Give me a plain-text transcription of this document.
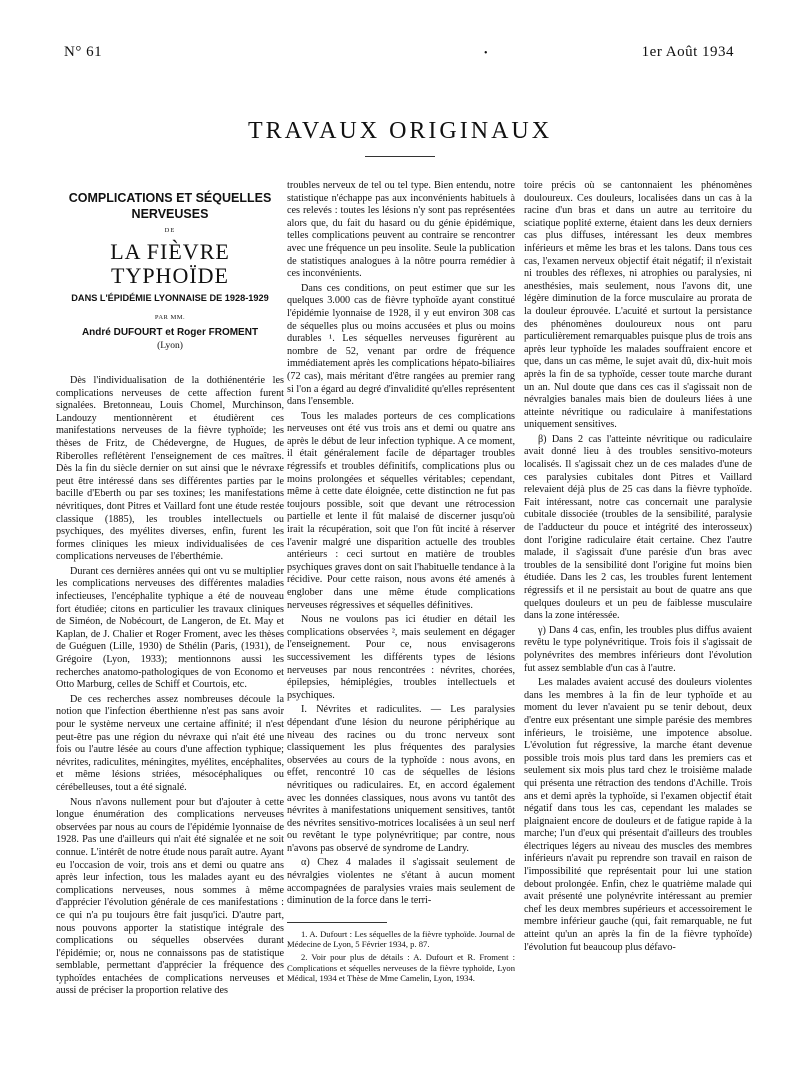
N° 61	•	1er Août 1934
TRAVAUX ORIGINAUX
COMPLICATIONS ET SÉQUELLES NERVEUSES
DE
LA FIÈVRE TYPHOÏDE
DANS L'ÉPIDÉMIE LYONNAISE DE 1928-1929
PAR MM.
André DUFOURT et Roger FROMENT
(Lyon)

Dès l'individualisation de la dothiénentérie les complications nerveuses de cette affection furent signalées. Bretonneau, Louis Chomel, Murchinson, Landouzy mentionnèrent et étudièrent ces manifestations nerveuses de la fièvre typhoïde; les thèses de Fritz, de Chédevergne, de Hugues, de Riberolles reflétèrent l'enseignement de ces maîtres. Dès la fin du siècle dernier on sut ainsi que le névraxe peut être intéressé dans ses différentes parties par le bacille d'Eberth ou par ses toxines; les manifestations névritiques, dont Pitres et Vaillard font une étude restée classique (1885), les troubles intellectuels ou psychiques, des myélites diverses, enfin, furent les formes cliniques les mieux individualisées de ces complications nerveuses de l'éberthémie.

Durant ces dernières années qui ont vu se multiplier les complications nerveuses des différentes maladies infectieuses, l'encéphalite typhique a été de nouveau fort étudiée; citons en particulier les travaux cliniques de Siméon, de Nobécourt, de Langeron, de Et. May et Kaplan, de J. Chalier et Roger Froment, avec les thèses de Guéguen (Lille, 1930) de Sthélin (Paris, (1931), de Grégoire (Lyon, 1933); mentionnons aussi les recherches anatomo-pathologiques de von Economo et Otto Marburg, celles de Schiff et Courtois, etc.

De ces recherches assez nombreuses découle la notion que l'infection éberthienne n'est pas sans avoir pour le système nerveux une certaine affinité; il n'est peut-être pas une région du névraxe qui n'ait été une fois ou l'autre lésée au cours d'une affection typhique; névrites, radiculites, méningites, myélites, encéphalites, et même lésions striées, mésocéphaliques ou cérébelleuses, tout a été signalé.

Nous n'avons nullement pour but d'ajouter à cette longue énumération des complications nerveuses observées par nous au cours de l'épidémie lyonnaise de 1928. Pas une d'ailleurs qui n'ait été signalée et ne soit connue. L'intérêt de notre étude nous paraît autre. Ayant eu l'occasion de voir, trois ans et demi ou quatre ans après leur infection, tous les malades ayant eu des complications nerveuses, nous sommes à même d'apprécier l'évolution générale de ces manifestations : ce qui n'a pu toujours être fait jusqu'ici. D'autre part, nous pouvons apporter la statistique intégrale des complications ou séquelles observées durant l'épidémie; or, nous ne connaissons pas de statistique semblable, permettant d'apprécier la fréquence des typhoïdes entachées de complications nerveuses et aussi de préciser la proportion relative des

troubles nerveux de tel ou tel type. Bien entendu, notre statistique n'échappe pas aux inconvénients habituels à ces relevés : toutes les lésions n'y sont pas représentées alors que, du fait du hasard ou du génie épidémique, telles complications peuvent au contraire se rencontrer avec une fréquence un peu insolite. Seule la publication de statistiques analogues à la nôtre pourra remédier à ces inconvénients.

Dans ces conditions, on peut estimer que sur les quelques 3.000 cas de fièvre typhoïde ayant constitué l'épidémie lyonnaise de 1928, il y eut environ 308 cas de séquelles plus ou moins accusées et plus ou moins durables ¹. Les séquelles nerveuses figurèrent au nombre de 52, venant par ordre de fréquence immédiatement après les complications hépato-biliaires (72 cas), mais méritant d'être rangées au premier rang si l'on a égard au degré d'invalidité qu'elles représentent dans l'ensemble.

Tous les malades porteurs de ces complications nerveuses ont été vus trois ans et demi ou quatre ans après le début de leur infection typhique. A ce moment, il était généralement facile de départager troubles régressifs et troubles définitifs, complications plus ou moins prolongées et séquelles véritables; cependant, même à cette date éloignée, cette distinction ne fut pas toujours possible, soit que devant une rétrocession partielle et lente il fût malaisé de discerner jusqu'où irait la récupération, soit que l'on fût incité à réserver l'avenir malgré une disparition actuelle des troubles antérieurs : ceci surtout en matière de troubles psychiques graves dont on sait l'habituelle tendance à la récidive. Pour cette raison, nous avons été amenés à englober dans une même étude complications nerveuses régressives et séquelles définitives.

Nous ne voulons pas ici étudier en détail les complications observées ², mais seulement en dégager l'enseignement. Pour ce, nous envisagerons successivement les différents types de lésions nerveuses par nous rencontrées : névrites, chorées, épilepsies, hémiplégies, troubles intellectuels et psychiques.

I. Névrites et radiculites. — Les paralysies dépendant d'une lésion du neurone périphérique au niveau des racines ou du tronc nerveux sont classiquement les plus fréquentes des paralysies observées au cours de la typhoïde : nous avons, en effet, rencontré 10 cas de séquelles de lésions névritiques ou radiculaires. Et, en accord également avec les données classiques, nous avons vu tantôt des névrites à manifestations uniquement sensitives, tantôt des névrites sensitivo-motrices localisées à un seul nerf ou revêtant le type polynévritique; par contre, nous n'avons pas observé de syndrome de Landry.

α) Chez 4 malades il s'agissait seulement de névralgies violentes ne s'étant à aucun moment accompagnées de paralysies vraies mais seulement de diminution de la force dans le terri-

1. A. Dufourt : Les séquelles de la fièvre typhoïde. Journal de Médecine de Lyon, 5 Février 1934, p. 87.

2. Voir pour plus de détails : A. Dufourt et R. Froment : Complications et séquelles nerveuses de la fièvre typhoïde, Lyon Médical, 1934 et Thèse de Mme Camelin, Lyon, 1934.

toire précis où se cantonnaient les phénomènes douloureux. Ces douleurs, localisées dans un cas à la racine d'un bras et dans un autre au territoire du sciatique poplité externe, étaient dans les deux derniers cas plus diffuses, intéressant les deux membres inférieurs et même les bras et les talons. Dans tous ces cas, l'examen nerveux objectif était négatif; il n'existait ni troubles des réflexes, ni atrophies ou paralysies, ni anesthésies, mais seulement, nous l'avons dit, une légère diminution de la force musculaire au prorata de la douleur éprouvée. L'acuité et surtout la persistance des phénomènes douloureux nous ont paru particulièrement remarquables puisque plus de trois ans après leur typhoïde les malades souffraient encore et que, dans un cas même, le sujet avait dû, dix-huit mois après la fin de sa typhoïde, cesser toute marche durant un an. Nul doute que dans ces cas il s'agissait non de névralgies banales mais bien de douleurs liées à une atteinte névritique ou radiculaire à manifestations uniquement sensitives.

β) Dans 2 cas l'atteinte névritique ou radiculaire avait donné lieu à des troubles sensitivo-moteurs localisés. Il s'agissait chez un de ces malades d'une de ces paralysies cubitales dont Pitres et Vaillard relevaient déjà plus de 25 cas dans la fièvre typhoïde. Fait intéressant, notre cas concernait une paralysie cubitale dissociée (troubles de la sensibilité, paralysie de l'adducteur du pouce et intégrité des interosseux) dont l'origine radiculaire était certaine. Chez l'autre malade, il s'agissait d'une parésie d'un bras avec troubles de la sensibilité dont l'origine fut moins bien étudiée. Dans les 2 cas, les troubles furent lentement régressifs et il ne persistait au bout de quatre ans que quelques douleurs et un peu de faiblesse musculaire dans la zone intéressée.

γ) Dans 4 cas, enfin, les troubles plus diffus avaient revêtu le type polynévritique. Trois fois il s'agissait de polynévrites des membres inférieurs dont l'évolution fut assez semblable d'un cas à l'autre.

Les malades avaient accusé des douleurs violentes dans les membres à la fin de leur typhoïde et au moment du lever n'avaient pu se tenir debout, deux d'entre eux présentant une simple parésie des membres inférieurs, le troisième, une impotence absolue. L'évolution fut régressive, la marche étant devenue possible trois mois plus tard dans les premiers cas et seulement six mois plus tard chez le troisième malade qui présenta une rétraction des tendons d'Achille. Trois ans et demi après la typhoïde, si l'examen objectif était négatif dans tous les cas, cependant les malades se plaignaient encore de douleurs et de fatigue rapide à la marche; l'un d'eux qui présentait d'ailleurs des troubles électriques légers au niveau des muscles des membres inférieurs n'avait pu reprendre son travail en raison de l'impossibilité que représentait pour lui une station debout prolongée. Enfin, chez le quatrième malade qui avait présenté une polynévrite intéressant au premier chef les deux membres supérieurs et accessoirement le membre inférieur gauche (qui, fait remarquable, ne fut atteint qu'un an après la fin de la fièvre typhoïde) l'évolution fut beaucoup plus défavo-
